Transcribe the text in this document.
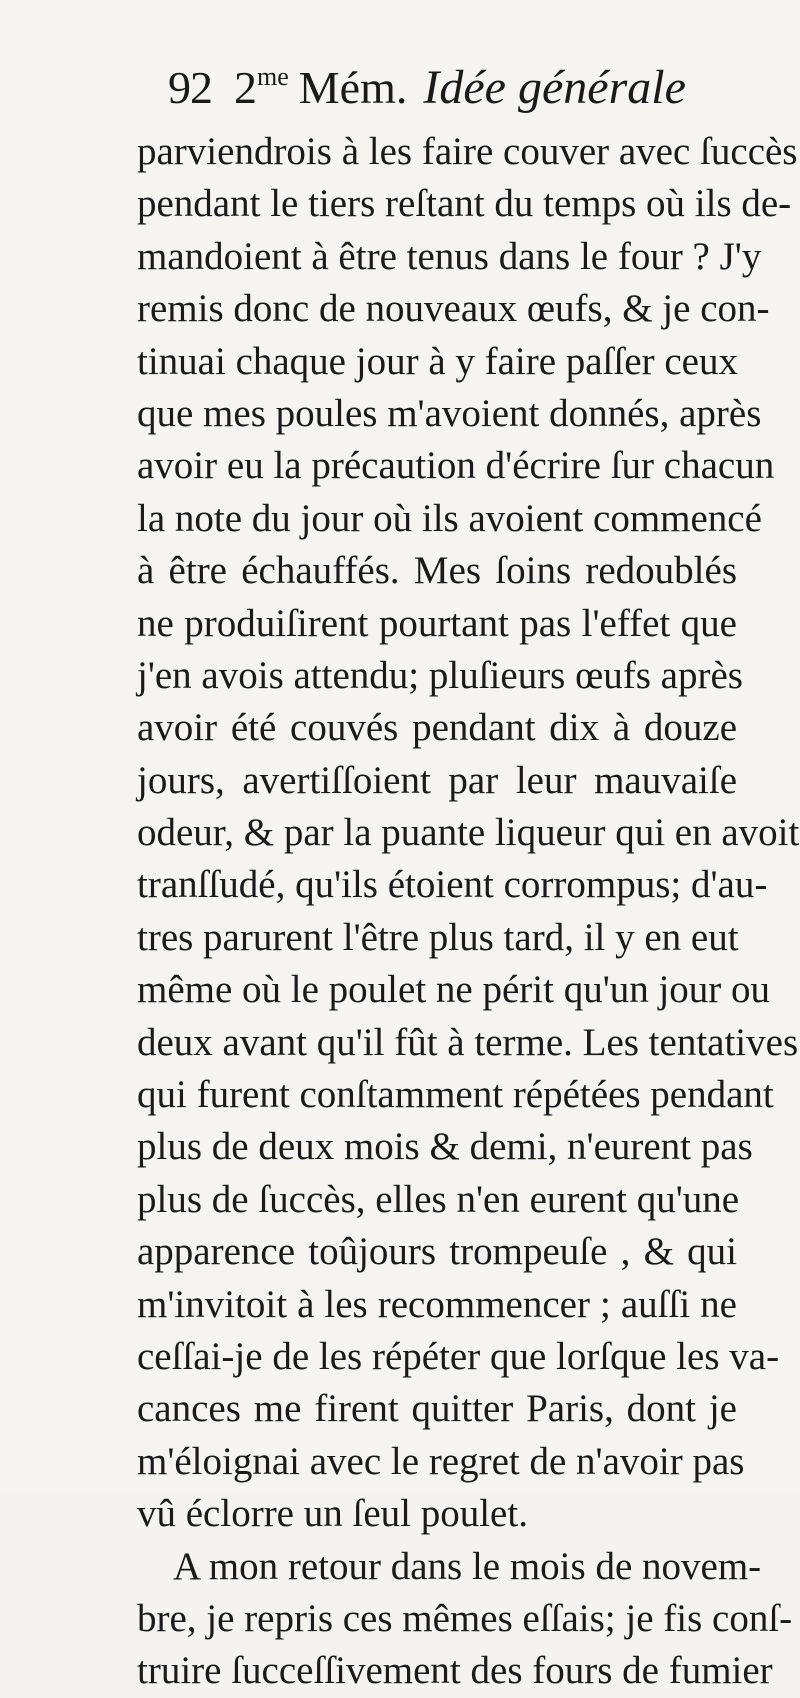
92 2me Mém. Idée générale
parviendrois à les faire couver avec ſuccès
pendant le tiers reſtant du temps où ils de-
mandoient à être tenus dans le four ? J'y
remis donc de nouveaux œufs, & je con-
tinuai chaque jour à y faire paſſer ceux
que mes poules m'avoient donnés, après
avoir eu la précaution d'écrire ſur chacun
la note du jour où ils avoient commencé
à être échauffés. Mes ſoins redoublés
ne produiſirent pourtant pas l'effet que
j'en avois attendu; pluſieurs œufs après
avoir été couvés pendant dix à douze
jours, avertiſſoient par leur mauvaiſe
odeur, & par la puante liqueur qui en avoit
tranſſudé, qu'ils étoient corrompus; d'au-
tres parurent l'être plus tard, il y en eut
même où le poulet ne périt qu'un jour ou
deux avant qu'il fût à terme. Les tentatives
qui furent conſtamment répétées pendant
plus de deux mois & demi, n'eurent pas
plus de ſuccès, elles n'en eurent qu'une
apparence toûjours trompeuſe , & qui
m'invitoit à les recommencer ; auſſi ne
ceſſai-je de les répéter que lorſque les va-
cances me firent quitter Paris, dont je
m'éloignai avec le regret de n'avoir pas
vû éclorre un ſeul poulet.
A mon retour dans le mois de novem-
bre, je repris ces mêmes eſſais; je fis conſ-
truire ſucceſſivement des fours de fumier
